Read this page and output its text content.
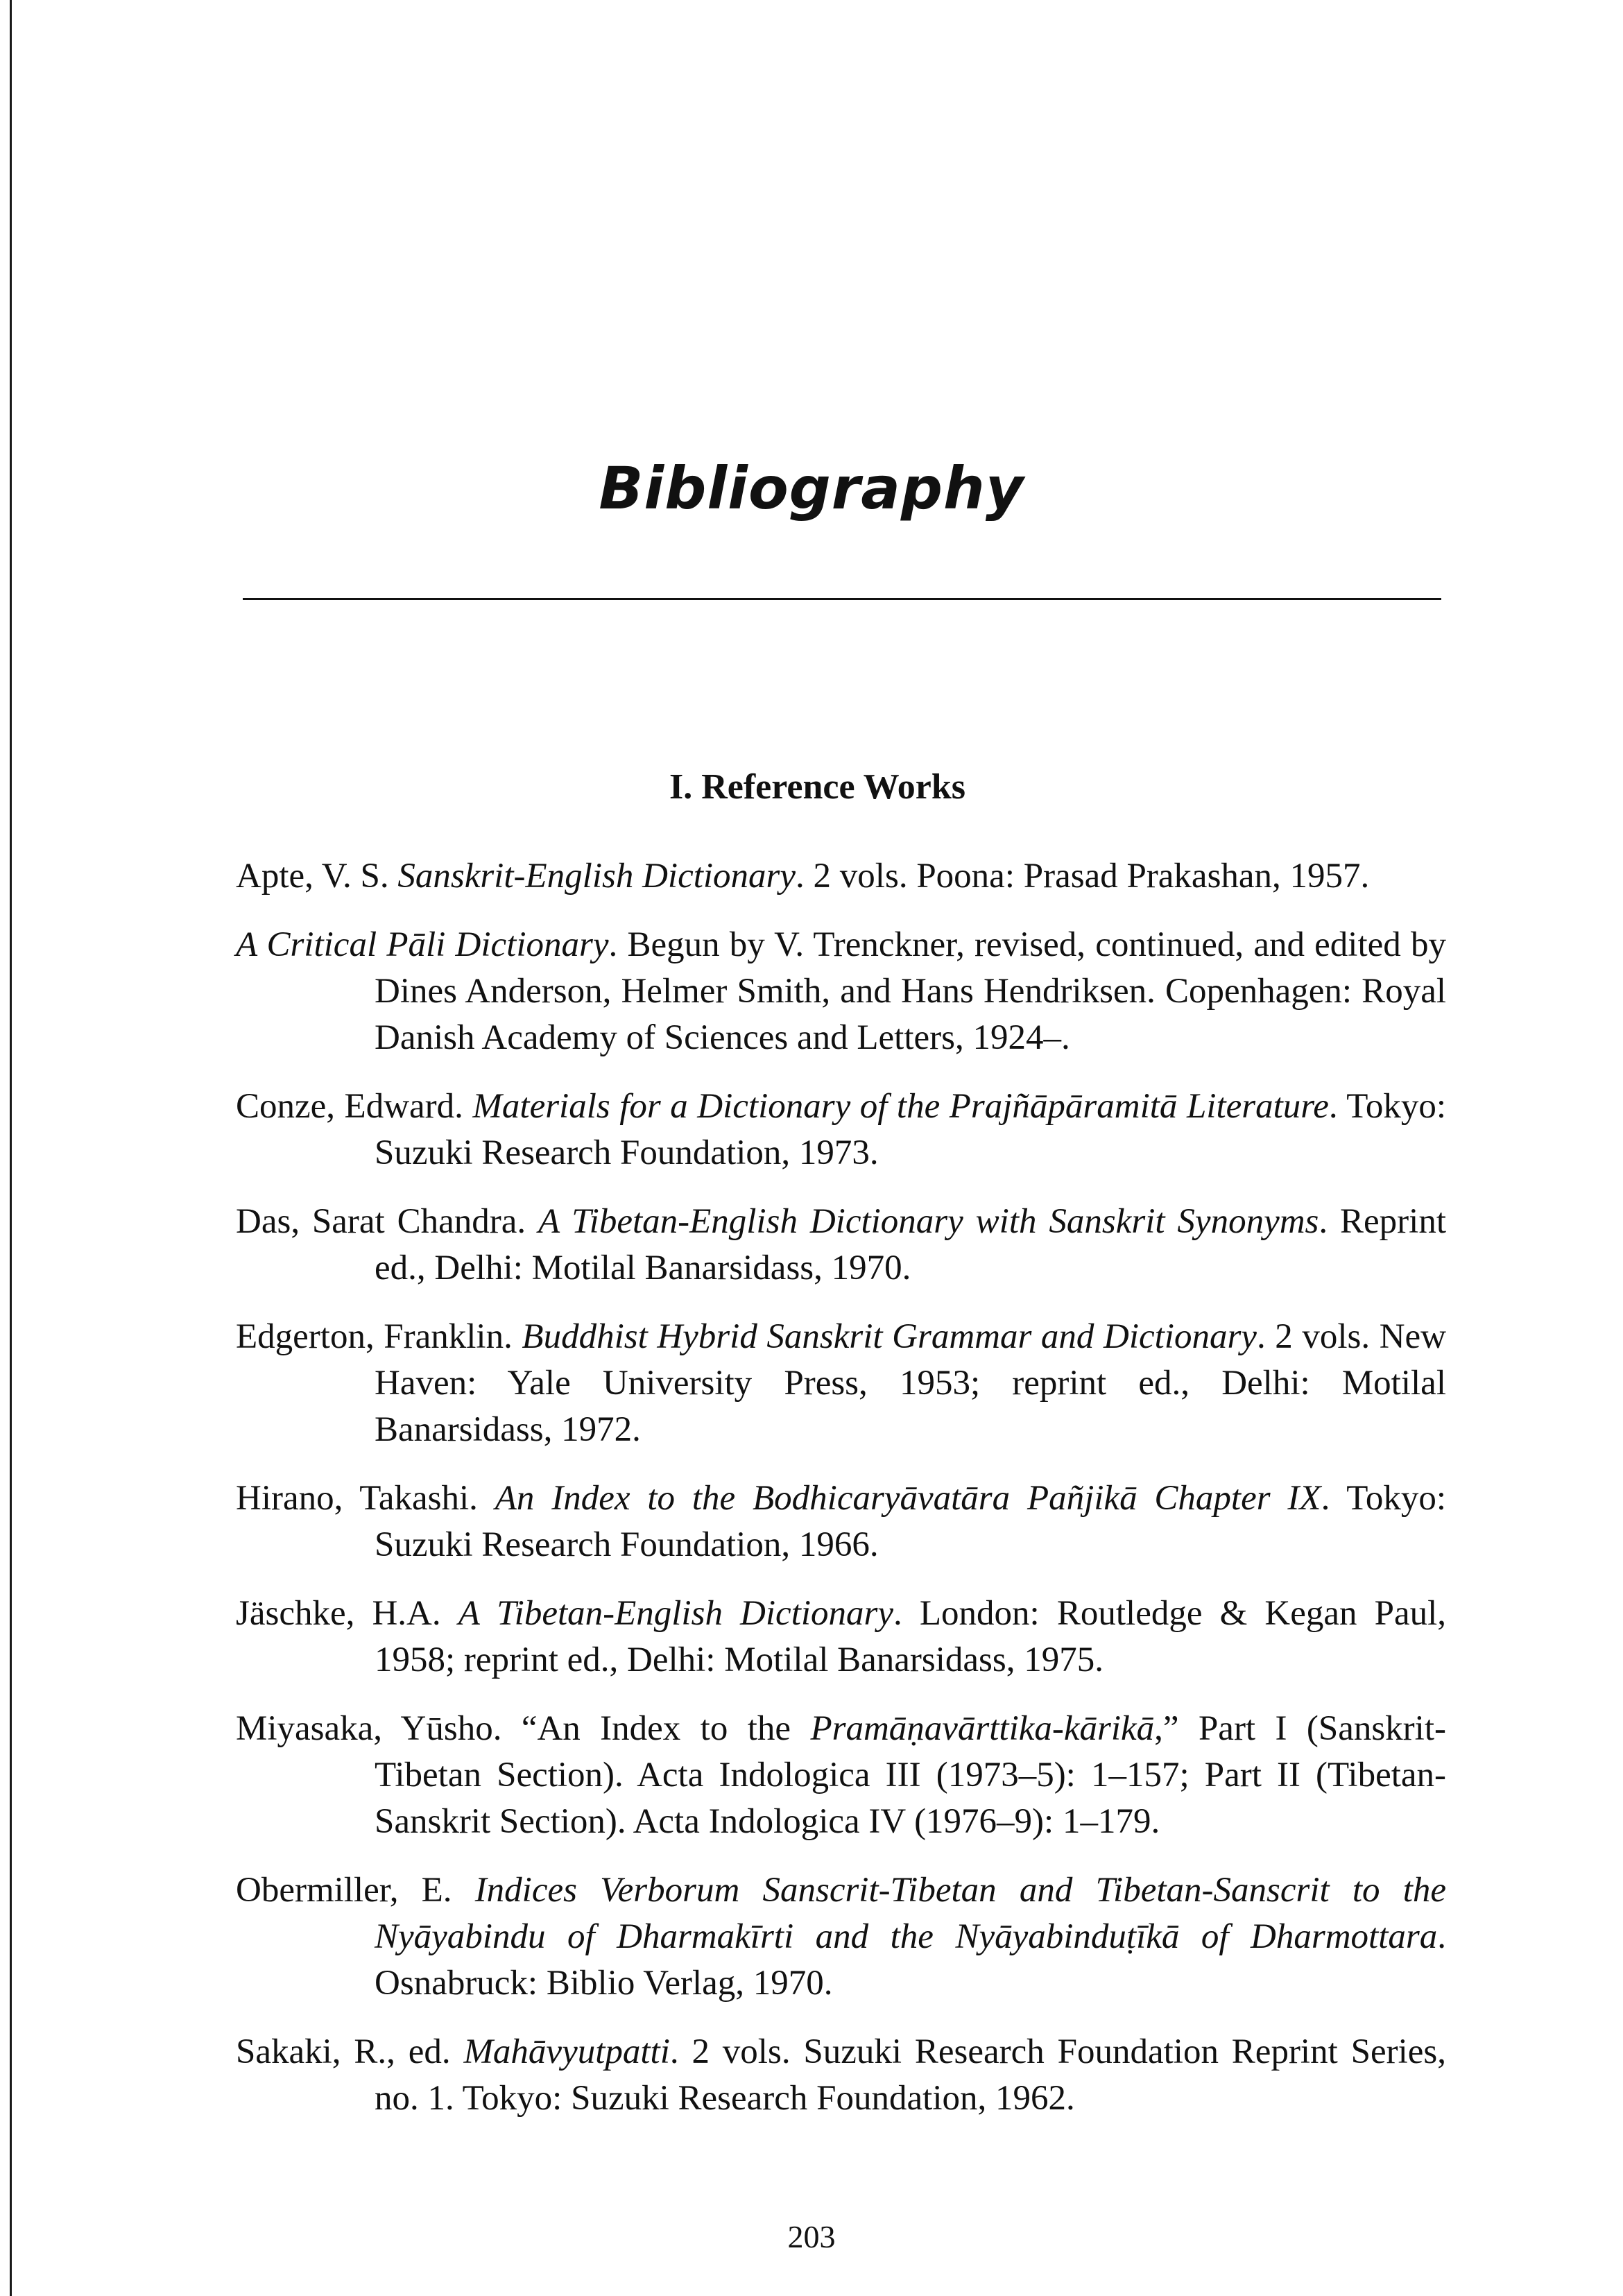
Bibliography
I. Reference Works

Apte, V. S. Sanskrit-English Dictionary. 2 vols. Poona: Prasad Prakashan, 1957.

A Critical Pāli Dictionary. Begun by V. Trenckner, revised, continued, and edited by Dines Anderson, Helmer Smith, and Hans Hendriksen. Copenhagen: Royal Danish Academy of Sciences and Letters, 1924–.

Conze, Edward. Materials for a Dictionary of the Prajñāpāramitā Literature. Tokyo: Suzuki Research Foundation, 1973.

Das, Sarat Chandra. A Tibetan-English Dictionary with Sanskrit Synonyms. Reprint ed., Delhi: Motilal Banarsidass, 1970.

Edgerton, Franklin. Buddhist Hybrid Sanskrit Grammar and Dictionary. 2 vols. New Haven: Yale University Press, 1953; reprint ed., Delhi: Motilal Banarsidass, 1972.

Hirano, Takashi. An Index to the Bodhicaryāvatāra Pañjikā Chapter IX. Tokyo: Suzuki Research Foundation, 1966.

Jäschke, H.A. A Tibetan-English Dictionary. London: Routledge & Kegan Paul, 1958; reprint ed., Delhi: Motilal Banarsidass, 1975.

Miyasaka, Yūsho. “An Index to the Pramāṇavārttika-kārikā,” Part I (Sanskrit-Tibetan Section). Acta Indologica III (1973–5): 1–157; Part II (Tibetan-Sanskrit Section). Acta Indologica IV (1976–9): 1–179.

Obermiller, E. Indices Verborum Sanscrit-Tibetan and Tibetan-Sanscrit to the Nyāyabindu of Dharmakīrti and the Nyāyabinduṭīkā of Dharmottara. Osnabruck: Biblio Verlag, 1970.

Sakaki, R., ed. Mahāvyutpatti. 2 vols. Suzuki Research Foundation Reprint Series, no. 1. Tokyo: Suzuki Research Foundation, 1962.

203
